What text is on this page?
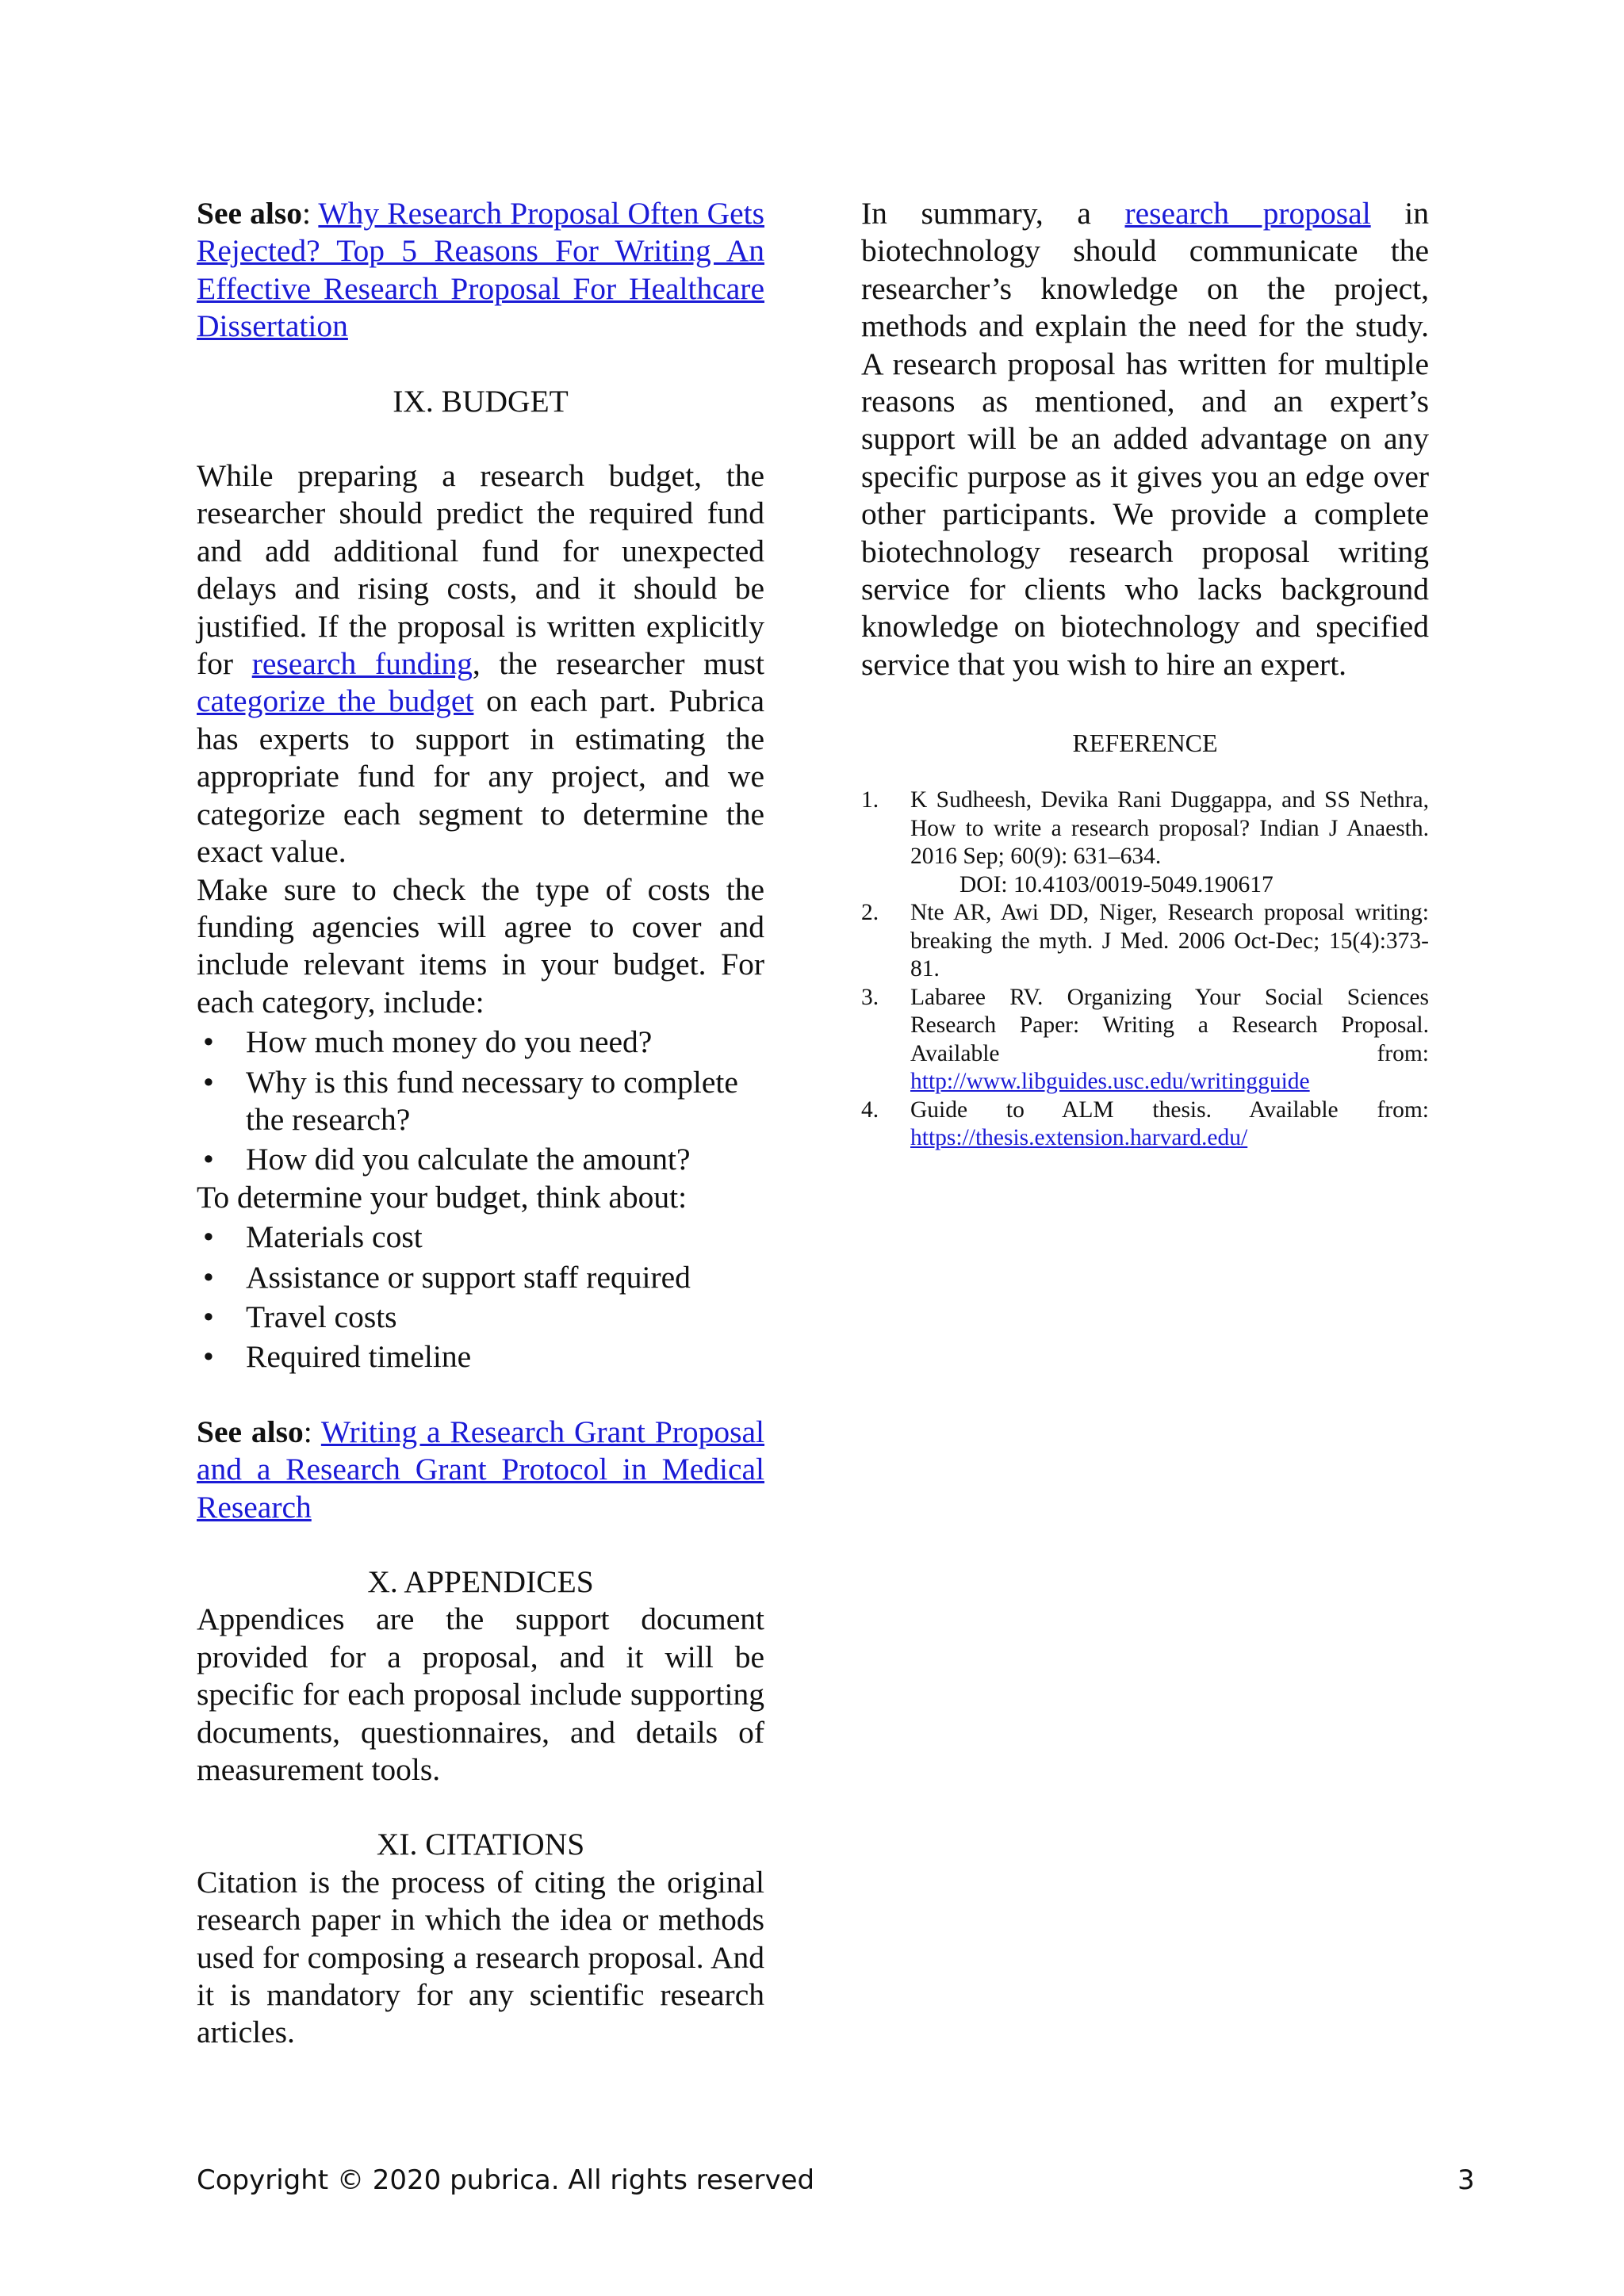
See also: Why Research Proposal Often Gets Rejected? Top 5 Reasons For Writing An Effective Research Proposal For Healthcare Dissertation

IX. BUDGET

While preparing a research budget, the researcher should predict the required fund and add additional fund for unexpected delays and rising costs, and it should be justified. If the proposal is written explicitly for research funding, the researcher must categorize the budget on each part. Pubrica has experts to support in estimating the appropriate fund for any project, and we categorize each segment to determine the exact value.

Make sure to check the type of costs the funding agencies will agree to cover and include relevant items in your budget. For each category, include:

• How much money do you need?
• Why is this fund necessary to complete the research?
• How did you calculate the amount?

To determine your budget, think about:

• Materials cost
• Assistance or support staff required
• Travel costs
• Required timeline

See also: Writing a Research Grant Proposal and a Research Grant Protocol in Medical Research

X. APPENDICES

Appendices are the support document provided for a proposal, and it will be specific for each proposal include supporting documents, questionnaires, and details of measurement tools.

XI. CITATIONS

Citation is the process of citing the original research paper in which the idea or methods used for composing a research proposal. And it is mandatory for any scientific research articles.

In summary, a research proposal in biotechnology should communicate the researcher’s knowledge on the project, methods and explain the need for the study. A research proposal has written for multiple reasons as mentioned, and an expert’s support will be an added advantage on any specific purpose as it gives you an edge over other participants. We provide a complete biotechnology research proposal writing service for clients who lacks background knowledge on biotechnology and specified service that you wish to hire an expert.

REFERENCE

1. K Sudheesh, Devika Rani Duggappa, and SS Nethra, How to write a research proposal? Indian J Anaesth. 2016 Sep; 60(9): 631–634.
DOI: 10.4103/0019-5049.190617
2. Nte AR, Awi DD, Niger, Research proposal writing: breaking the myth. J Med. 2006 Oct-Dec; 15(4):373-81.
3. Labaree RV. Organizing Your Social Sciences Research Paper: Writing a Research Proposal. Available from: http://www.libguides.usc.edu/writingguide
4. Guide to ALM thesis. Available from: https://thesis.extension.harvard.edu/
Copyright © 2020 pubrica. All rights reserved	3
